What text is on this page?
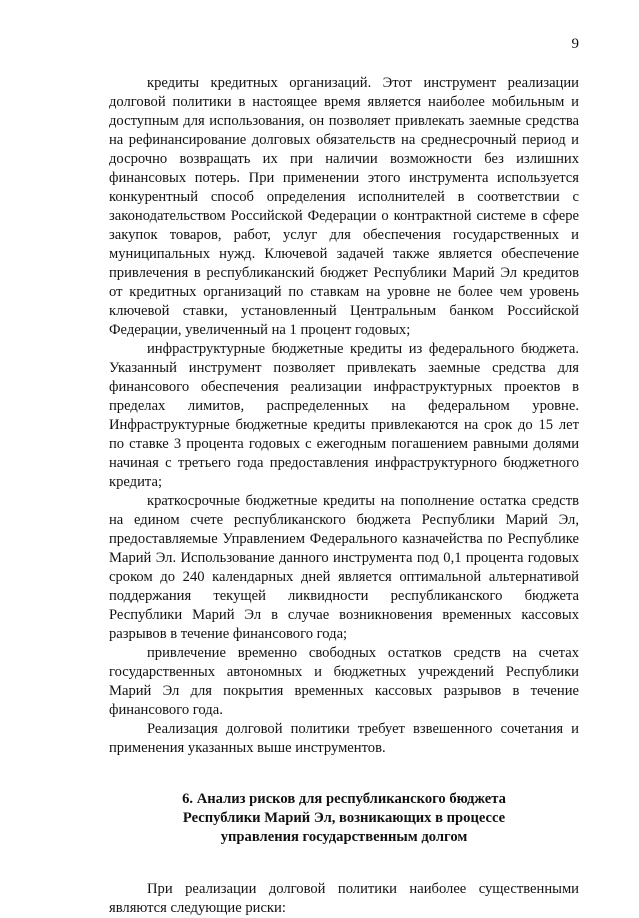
9

кредиты кредитных организаций. Этот инструмент реализации долговой политики в настоящее время является наиболее мобильным и доступным для использования, он позволяет привлекать заемные средства на рефинансирование долговых обязательств на среднесрочный период и досрочно возвращать их при наличии возможности без излишних финансовых потерь. При применении этого инструмента используется конкурентный способ определения исполнителей в соответствии с законодательством Российской Федерации о контрактной системе в сфере закупок товаров, работ, услуг для обеспечения государственных и муниципальных нужд. Ключевой задачей также является обеспечение привлечения в республиканский бюджет Республики Марий Эл кредитов от кредитных организаций по ставкам на уровне не более чем уровень ключевой ставки, установленный Центральным банком Российской Федерации, увеличенный на 1 процент годовых;

инфраструктурные бюджетные кредиты из федерального бюджета. Указанный инструмент позволяет привлекать заемные средства для финансового обеспечения реализации инфраструктурных проектов в пределах лимитов, распределенных на федеральном уровне. Инфраструктурные бюджетные кредиты привлекаются на срок до 15 лет по ставке 3 процента годовых с ежегодным погашением равными долями начиная с третьего года предоставления инфраструктурного бюджетного кредита;

краткосрочные бюджетные кредиты на пополнение остатка средств на едином счете республиканского бюджета Республики Марий Эл, предоставляемые Управлением Федерального казначейства по Республике Марий Эл. Использование данного инструмента под 0,1 процента годовых сроком до 240 календарных дней является оптимальной альтернативой поддержания текущей ликвидности республиканского бюджета Республики Марий Эл в случае возникновения временных кассовых разрывов в течение финансового года;

привлечение временно свободных остатков средств на счетах государственных автономных и бюджетных учреждений Республики Марий Эл для покрытия временных кассовых разрывов в течение финансового года.

Реализация долговой политики требует взвешенного сочетания и применения указанных выше инструментов.

6. Анализ рисков для республиканского бюджета
Республики Марий Эл, возникающих в процессе
управления государственным долгом

При реализации долговой политики наиболее существенными являются следующие риски:
